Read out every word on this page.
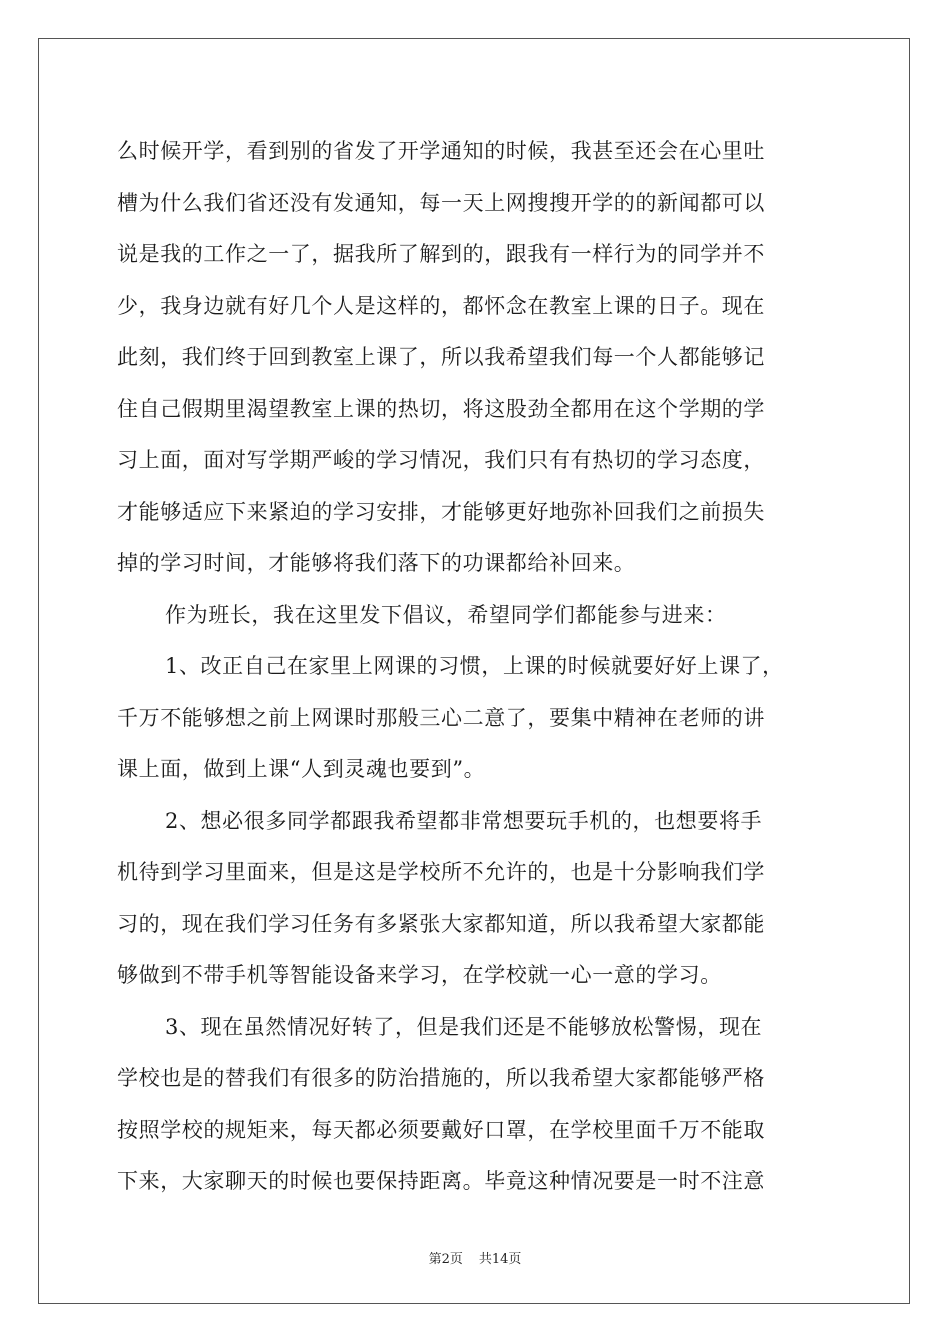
么时候开学，看到别的省发了开学通知的时候，我甚至还会在心里吐
槽为什么我们省还没有发通知，每一天上网搜搜开学的的新闻都可以
说是我的工作之一了，据我所了解到的，跟我有一样行为的同学并不
少，我身边就有好几个人是这样的，都怀念在教室上课的日子。现在
此刻，我们终于回到教室上课了，所以我希望我们每一个人都能够记
住自己假期里渴望教室上课的热切，将这股劲全都用在这个学期的学
习上面，面对写学期严峻的学习情况，我们只有有热切的学习态度，
才能够适应下来紧迫的学习安排，才能够更好地弥补回我们之前损失
掉的学习时间，才能够将我们落下的功课都给补回来。
作为班长，我在这里发下倡议，希望同学们都能参与进来：
1、改正自己在家里上网课的习惯，上课的时候就要好好上课了，
千万不能够想之前上网课时那般三心二意了，要集中精神在老师的讲
课上面，做到上课“人到灵魂也要到”。
2、想必很多同学都跟我希望都非常想要玩手机的，也想要将手
机待到学习里面来，但是这是学校所不允许的，也是十分影响我们学
习的，现在我们学习任务有多紧张大家都知道，所以我希望大家都能
够做到不带手机等智能设备来学习，在学校就一心一意的学习。
3、现在虽然情况好转了，但是我们还是不能够放松警惕，现在
学校也是的替我们有很多的防治措施的，所以我希望大家都能够严格
按照学校的规矩来，每天都必须要戴好口罩，在学校里面千万不能取
下来，大家聊天的时候也要保持距离。毕竟这种情况要是一时不注意
第2页 共14页
